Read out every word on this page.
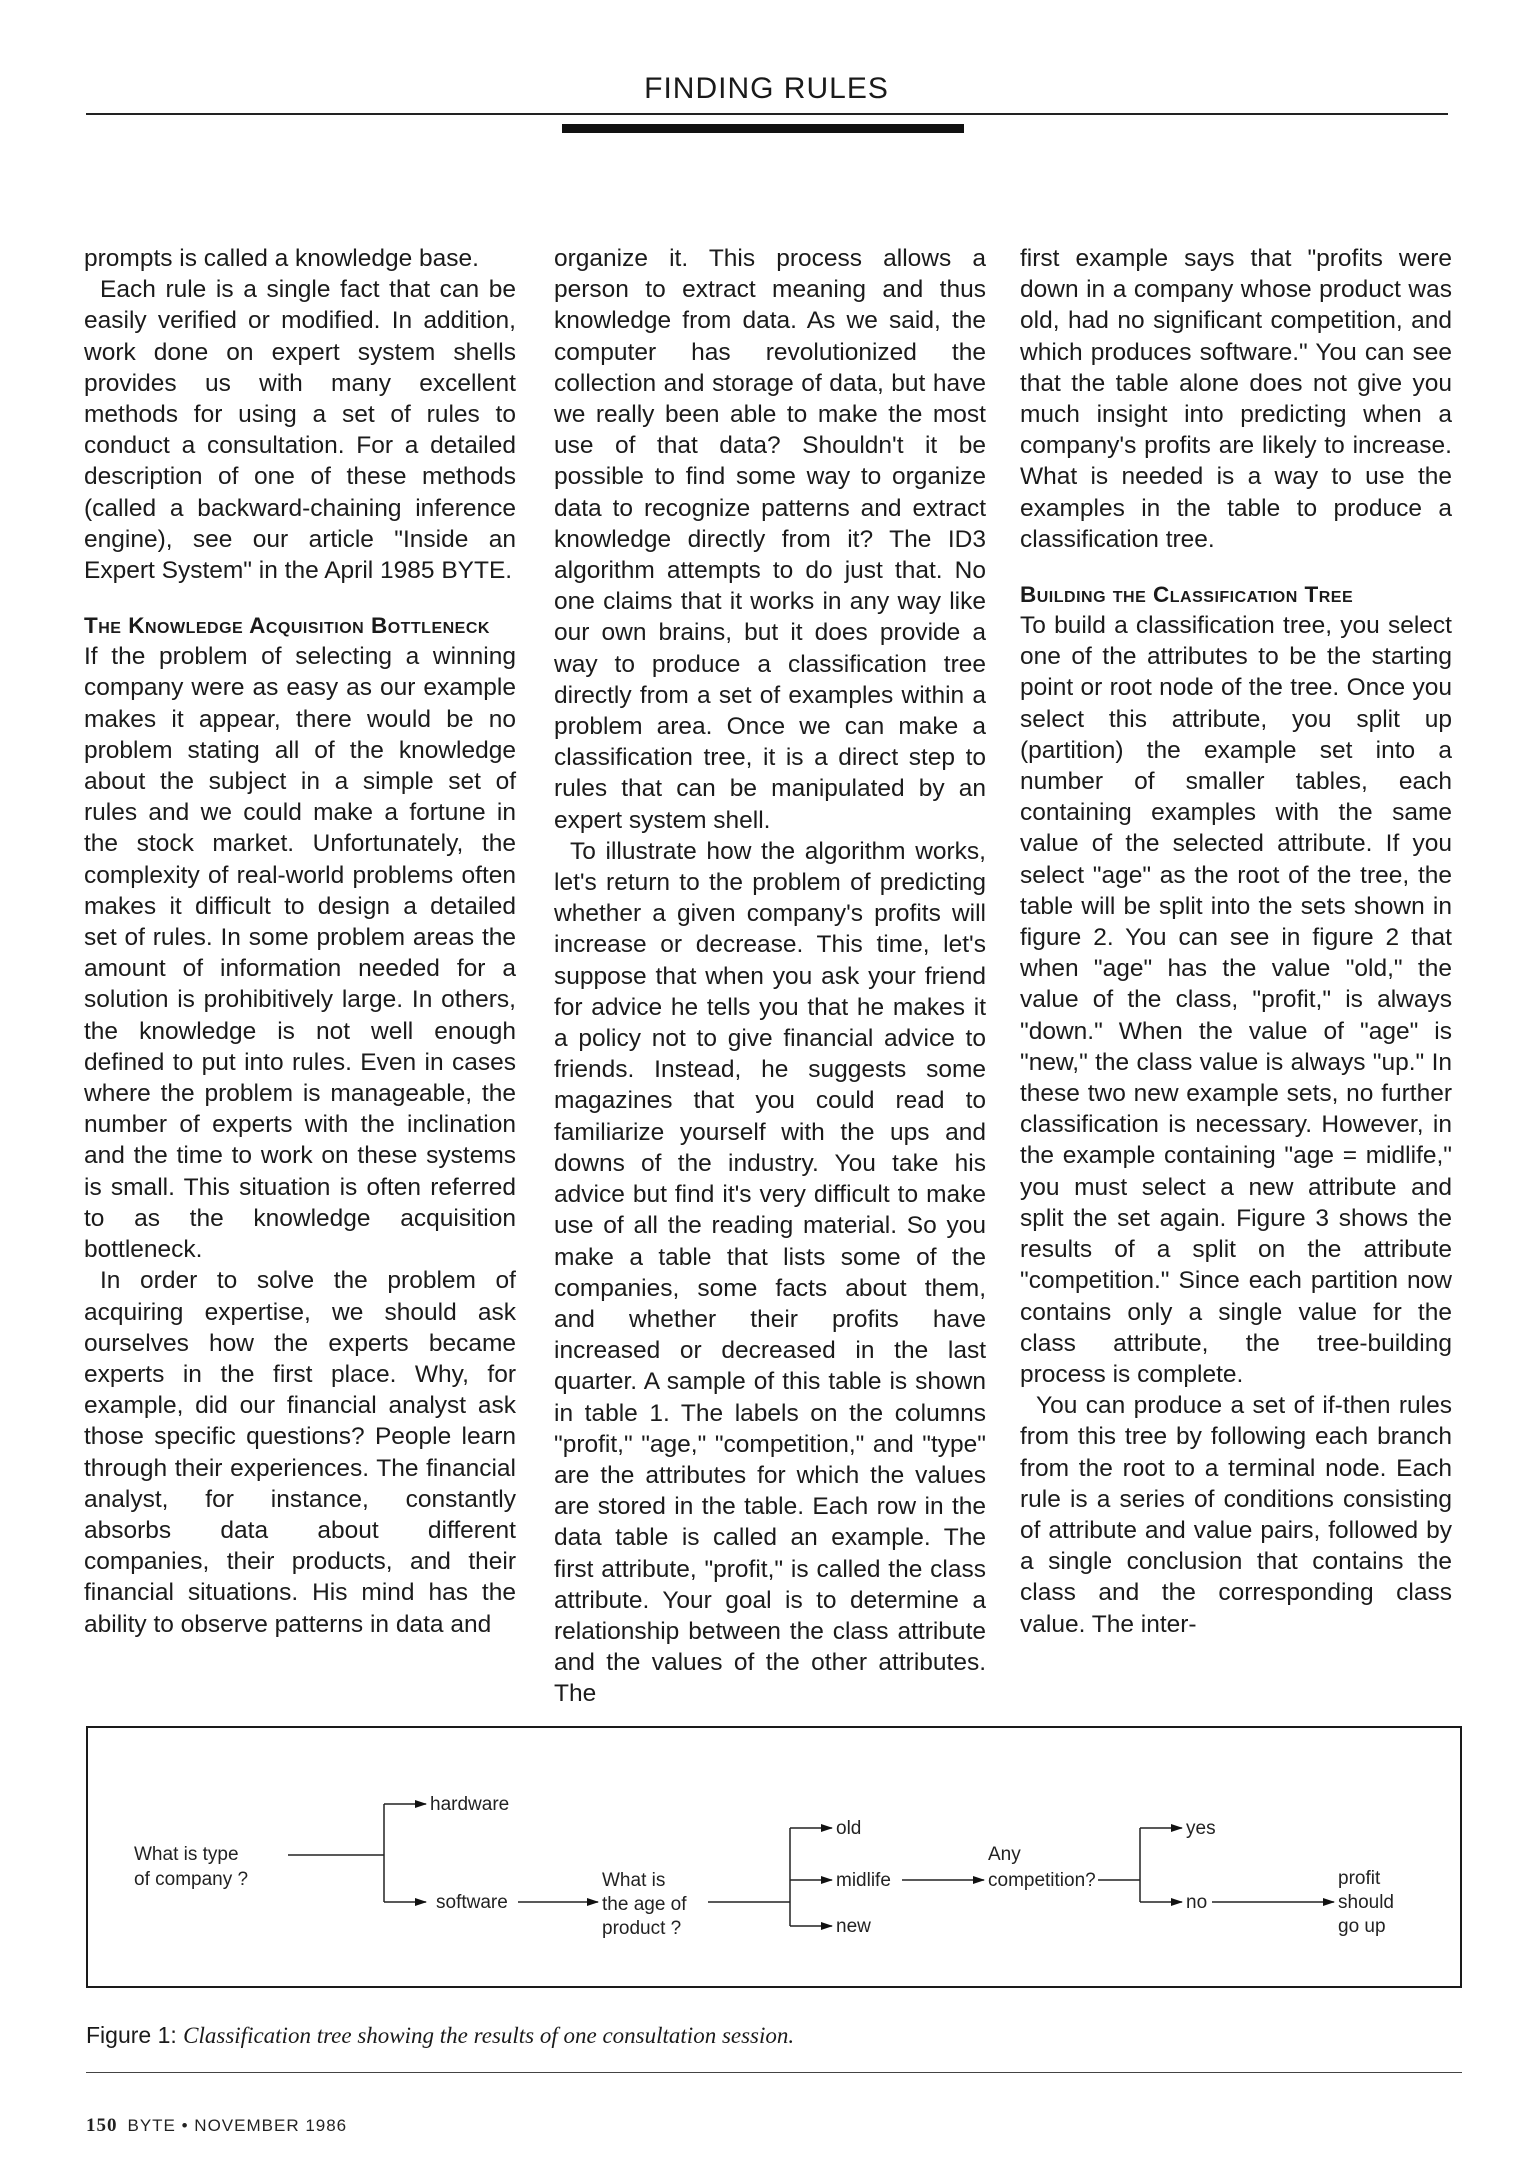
FINDING RULES

prompts is called a knowledge base.

Each rule is a single fact that can be easily verified or modified. In addition, work done on expert system shells provides us with many excellent methods for using a set of rules to conduct a consultation. For a detailed description of one of these methods (called a backward-chaining inference engine), see our article "Inside an Expert System" in the April 1985 BYTE.

The Knowledge Acquisition Bottleneck

If the problem of selecting a winning company were as easy as our example makes it appear, there would be no problem stating all of the knowledge about the subject in a simple set of rules and we could make a fortune in the stock market. Unfortunately, the complexity of real-world problems often makes it difficult to design a detailed set of rules. In some problem areas the amount of information needed for a solution is prohibitively large. In others, the knowledge is not well enough defined to put into rules. Even in cases where the problem is manageable, the number of experts with the inclination and the time to work on these systems is small. This situation is often referred to as the knowledge acquisition bottleneck.

In order to solve the problem of acquiring expertise, we should ask ourselves how the experts became experts in the first place. Why, for example, did our financial analyst ask those specific questions? People learn through their experiences. The financial analyst, for instance, constantly absorbs data about different companies, their products, and their financial situations. His mind has the ability to observe patterns in data and

organize it. This process allows a person to extract meaning and thus knowledge from data. As we said, the computer has revolutionized the collection and storage of data, but have we really been able to make the most use of that data? Shouldn't it be possible to find some way to organize data to recognize patterns and extract knowledge directly from it? The ID3 algorithm attempts to do just that. No one claims that it works in any way like our own brains, but it does provide a way to produce a classification tree directly from a set of examples within a problem area. Once we can make a classification tree, it is a direct step to rules that can be manipulated by an expert system shell.

To illustrate how the algorithm works, let's return to the problem of predicting whether a given company's profits will increase or decrease. This time, let's suppose that when you ask your friend for advice he tells you that he makes it a policy not to give financial advice to friends. Instead, he suggests some magazines that you could read to familiarize yourself with the ups and downs of the industry. You take his advice but find it's very difficult to make use of all the reading material. So you make a table that lists some of the companies, some facts about them, and whether their profits have increased or decreased in the last quarter. A sample of this table is shown in table 1. The labels on the columns "profit," "age," "competition," and "type" are the attributes for which the values are stored in the table. Each row in the data table is called an example. The first attribute, "profit," is called the class attribute. Your goal is to determine a relationship between the class attribute and the values of the other attributes. The

first example says that "profits were down in a company whose product was old, had no significant competition, and which produces software." You can see that the table alone does not give you much insight into predicting when a company's profits are likely to increase. What is needed is a way to use the examples in the table to produce a classification tree.

Building the Classification Tree

To build a classification tree, you select one of the attributes to be the starting point or root node of the tree. Once you select this attribute, you split up (partition) the example set into a number of smaller tables, each containing examples with the same value of the selected attribute. If you select "age" as the root of the tree, the table will be split into the sets shown in figure 2. You can see in figure 2 that when "age" has the value "old," the value of the class, "profit," is always "down." When the value of "age" is "new," the class value is always "up." In these two new example sets, no further classification is necessary. However, in the example containing "age = midlife," you must select a new attribute and split the set again. Figure 3 shows the results of a split on the attribute "competition." Since each partition now contains only a single value for the class attribute, the tree-building process is complete.

You can produce a set of if-then rules from this tree by following each branch from the root to a terminal node. Each rule is a series of conditions consisting of attribute and value pairs, followed by a single conclusion that contains the class and the corresponding class value. The inter-

What is type
of company ?
hardware
software
What is
the age of
product ?
old
midlife
new
Any
competition?
yes
no
profit
should
go up
Figure 1: Classification tree showing the results of one consultation session.
150 BYTE • NOVEMBER 1986
